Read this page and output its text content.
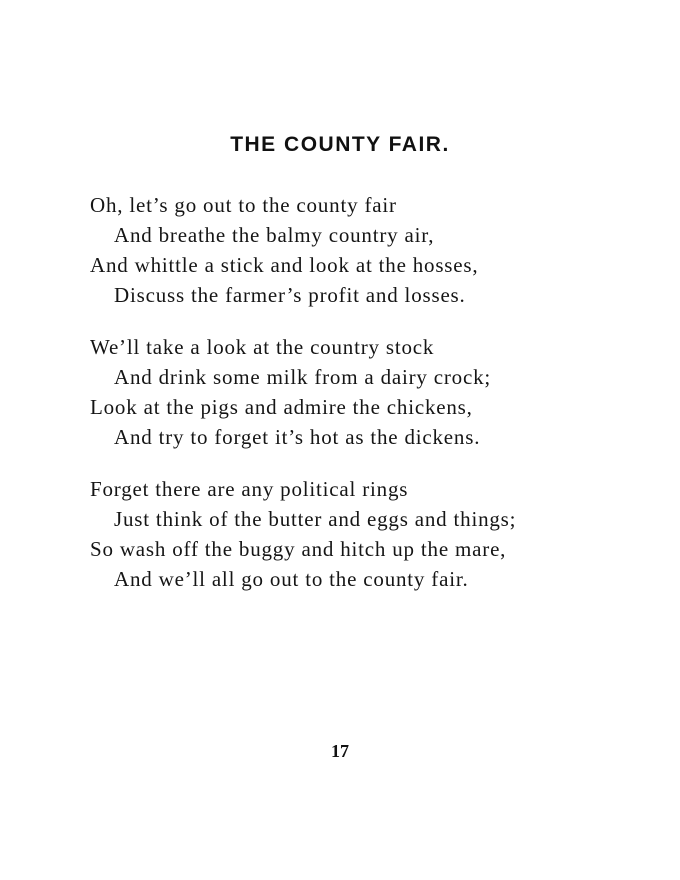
THE COUNTY FAIR.
Oh, let’s go out to the county fair
And breathe the balmy country air,
And whittle a stick and look at the hosses,
Discuss the farmer’s profit and losses.
We’ll take a look at the country stock
And drink some milk from a dairy crock;
Look at the pigs and admire the chickens,
And try to forget it’s hot as the dickens.
Forget there are any political rings
Just think of the butter and eggs and things;
So wash off the buggy and hitch up the mare,
And we’ll all go out to the county fair.
17
